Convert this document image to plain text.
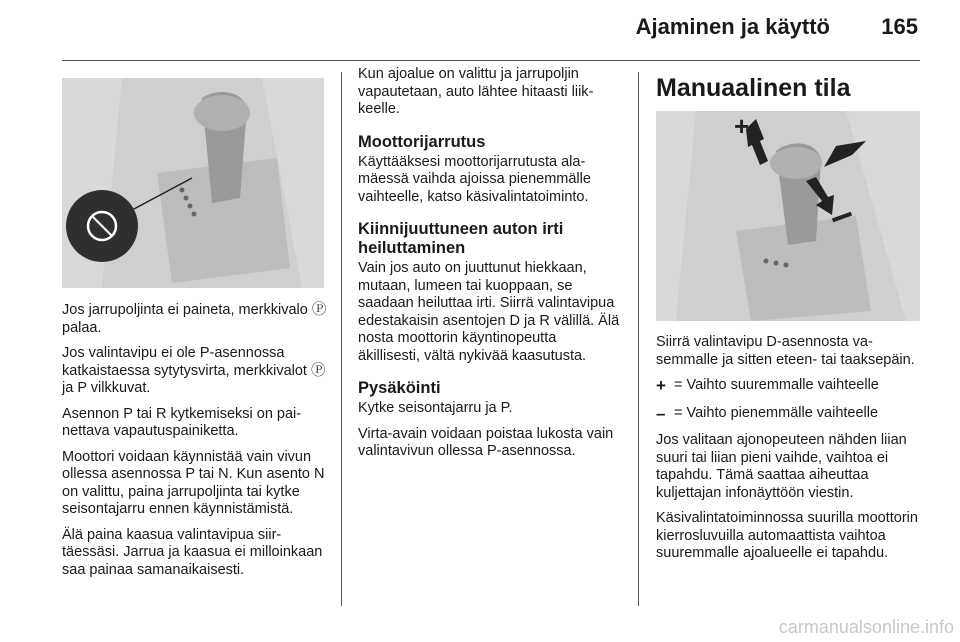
Ajaminen ja käyttö 165

Jos jarrupoljinta ei paineta, merkkivalo Ⓟ palaa.

Jos valintavipu ei ole P-asennossa katkaistaessa sytytysvirta, merkkivalot Ⓟ ja P vilkkuvat.

Asennon P tai R kytkemiseksi on painettava vapautuspainiketta.

Moottori voidaan käynnistää vain vivun ollessa asennossa P tai N. Kun asento N on valittu, paina jarrupoljinta tai kytke seisontajarru ennen käynnistämistä.

Älä paina kaasua valintavipua siirtäessäsi. Jarrua ja kaasua ei milloinkaan saa painaa samanaikaisesti.

Kun ajoalue on valittu ja jarrupoljin vapautetaan, auto lähtee hitaasti liikkeelle.

Moottorijarrutus

Käyttääksesi moottorijarrutusta alamäessä vaihda ajoissa pienemmälle vaihteelle, katso käsivalintatoiminto.

Kiinnijuuttuneen auton irti heiluttaminen

Vain jos auto on juuttunut hiekkaan, mutaan, lumeen tai kuoppaan, se saadaan heiluttaa irti. Siirrä valintavipua edestakaisin asentojen D ja R välillä. Älä nosta moottorin käyntinopeutta äkillisesti, vältä nykivää kaasutusta.

Pysäköinti

Kytke seisontajarru ja P.

Virta-avain voidaan poistaa lukosta vain valintavivun ollessa P-asennossa.

Manuaalinen tila
+

Siirrä valintavipu D-asennosta vasemmalle ja sitten eteen- tai taaksepäin.

+ = Vaihto suuremmalle vaihteelle
– = Vaihto pienemmälle vaihteelle

Jos valitaan ajonopeuteen nähden liian suuri tai liian pieni vaihde, vaihtoa ei tapahdu. Tämä saattaa aiheuttaa kuljettajan infonäyttöön viestin.

Käsivalintatoiminnossa suurilla moottorin kierrosluvuilla automaattista vaihtoa suuremmalle ajoalueelle ei tapahdu.

carmanualsonline.info
